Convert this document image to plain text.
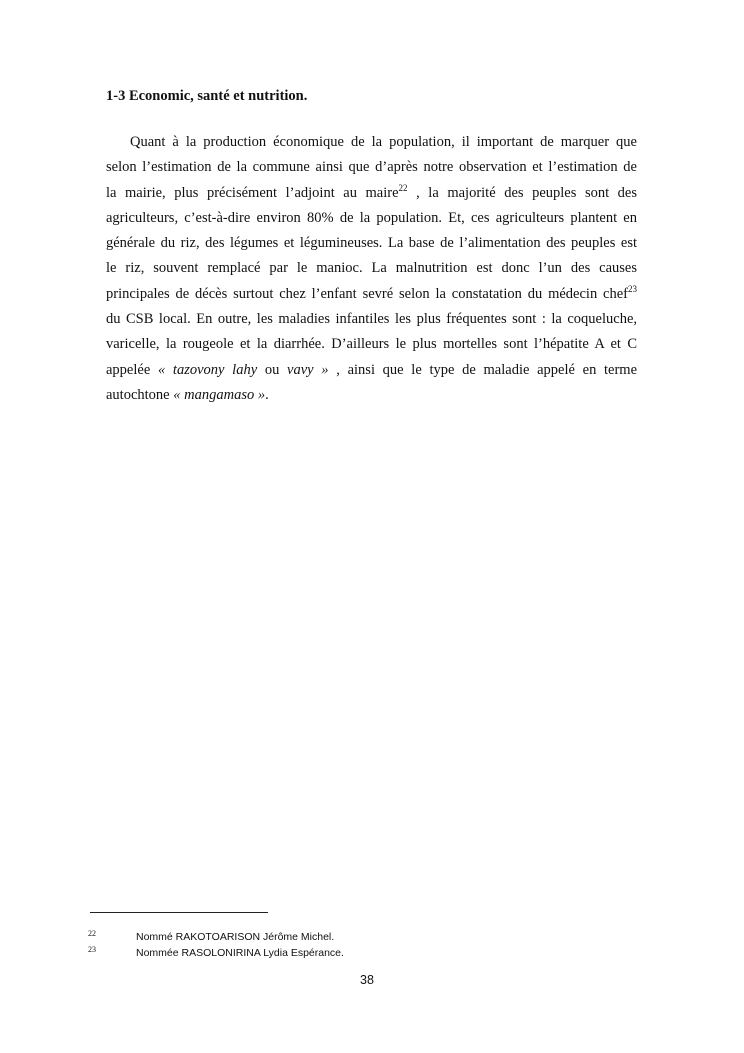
1-3 Economic, santé et nutrition.
Quant à la production économique de la population, il important de marquer que
selon l’estimation de la commune ainsi que d’après notre observation et l’estimation de
la mairie, plus précisément l’adjoint au maire$^{22}$ , la majorité des peuples sont des
agriculteurs, c’est-à-dire environ 80% de la population. Et, ces agriculteurs plantent en
générale du riz, des légumes et légumineuses. La base de l’alimentation des peuples est
le riz, souvent remplacé par le manioc. La malnutrition est donc l’un des causes
principales de décès surtout chez l’enfant sevré selon la constatation du médecin chef$^{23}$
du CSB local. En outre, les maladies infantiles les plus fréquentes sont : la coqueluche,
varicelle, la rougeole et la diarrhée. D’ailleurs le plus mortelles sont l’hépatite A et C
appelée « tazovony lahy ou vavy » , ainsi que le type de maladie appelé en terme
autochtone « mangamaso ».
22	Nommé RAKOTOARISON Jérôme Michel.
23	Nommée RASOLONIRINA Lydia Espérance.
38
